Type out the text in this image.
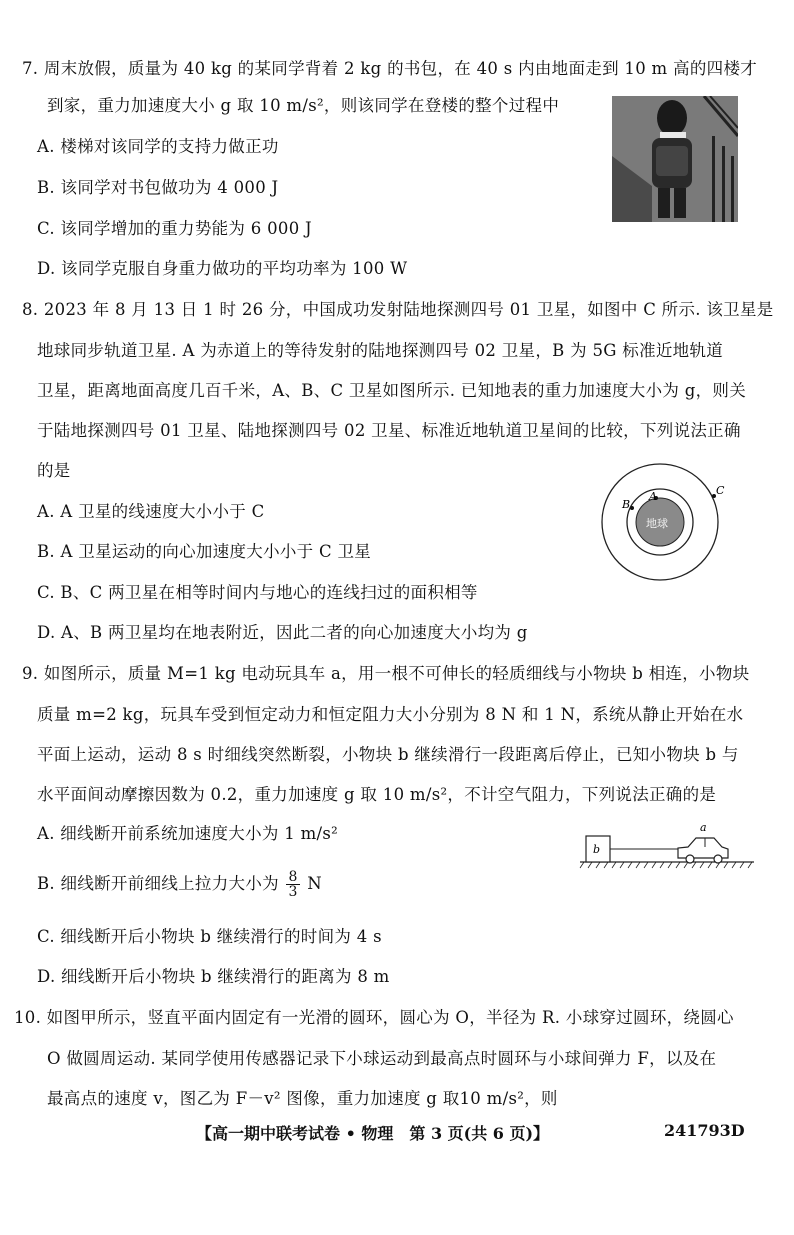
7. 周末放假，质量为 40 kg 的某同学背着 2 kg 的书包，在 40 s 内由地面走到 10 m 高的四楼才
到家，重力加速度大小 g 取 10 m/s²，则该同学在登楼的整个过程中
A. 楼梯对该同学的支持力做正功
B. 该同学对书包做功为 4 000 J
C. 该同学增加的重力势能为 6 000 J
D. 该同学克服自身重力做功的平均功率为 100 W
8. 2023 年 8 月 13 日 1 时 26 分，中国成功发射陆地探测四号 01 卫星，如图中 C 所示. 该卫星是
地球同步轨道卫星. A 为赤道上的等待发射的陆地探测四号 02 卫星，B 为 5G 标准近地轨道
卫星，距离地面高度几百千米，A、B、C 卫星如图所示. 已知地表的重力加速度大小为 g，则关
于陆地探测四号 01 卫星、陆地探测四号 02 卫星、标准近地轨道卫星间的比较，下列说法正确
的是
A. A 卫星的线速度大小小于 C
B. A 卫星运动的向心加速度大小小于 C 卫星
C. B、C 两卫星在相等时间内与地心的连线扫过的面积相等
D. A、B 两卫星均在地表附近，因此二者的向心加速度大小均为 g
地球
A
B
C
9. 如图所示，质量 M=1 kg 电动玩具车 a，用一根不可伸长的轻质细线与小物块 b 相连，小物块
质量 m=2 kg，玩具车受到恒定动力和恒定阻力大小分别为 8 N 和 1 N，系统从静止开始在水
平面上运动，运动 8 s 时细线突然断裂，小物块 b 继续滑行一段距离后停止，已知小物块 b 与
水平面间动摩擦因数为 0.2，重力加速度 g 取 10 m/s²，不计空气阻力，下列说法正确的是
A. 细线断开前系统加速度大小为 1 m/s²
B. 细线断开前细线上拉力大小为 $\frac{8}{3}$ N
C. 细线断开后小物块 b 继续滑行的时间为 4 s
D. 细线断开后小物块 b 继续滑行的距离为 8 m
b
a
10. 如图甲所示，竖直平面内固定有一光滑的圆环，圆心为 O，半径为 R. 小球穿过圆环，绕圆心
O 做圆周运动. 某同学使用传感器记录下小球运动到最高点时圆环与小球间弹力 F，以及在
最高点的速度 v，图乙为 F－v² 图像，重力加速度 g 取10 m/s²，则
【高一期中联考试卷 • 物理　第 3 页(共 6 页)】	241793D
